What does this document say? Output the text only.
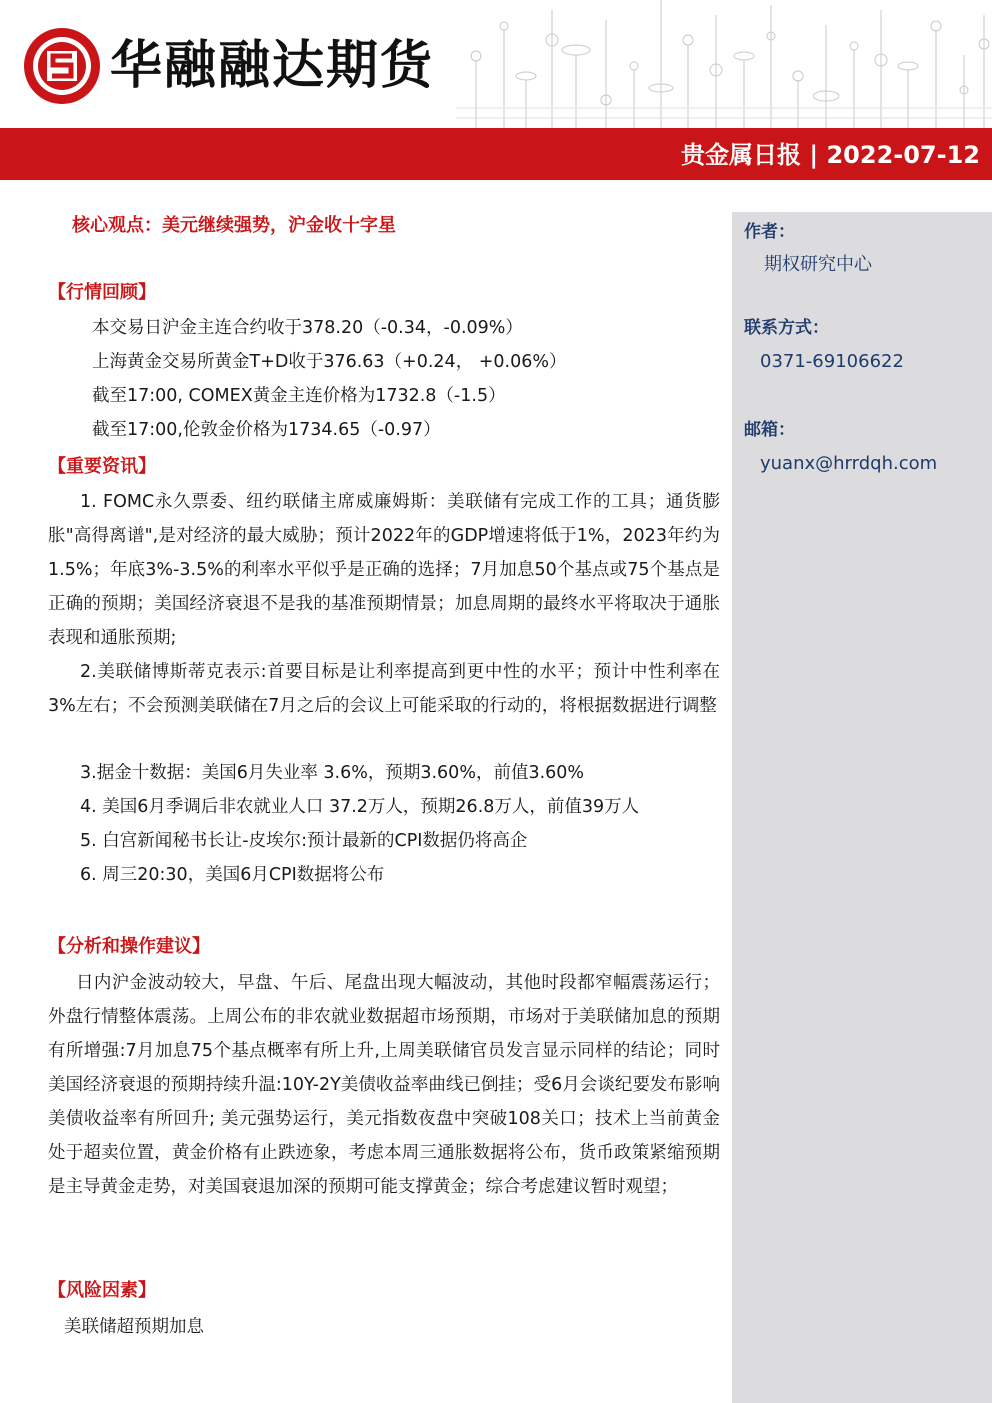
华融融达期货
贵金属日报 | 2022-07-12
作者：
期权研究中心
联系方式：
0371-69106622
邮箱：
yuanx@hrrdqh.com
核心观点：美元继续强势，沪金收十字星
【行情回顾】
本交易日沪金主连合约收于378.20（-0.34，-0.09%）
上海黄金交易所黄金T+D收于376.63（+0.24， +0.06%）
截至17:00, COMEX黄金主连价格为1732.8（-1.5）
截至17:00,伦敦金价格为1734.65（-0.97）
【重要资讯】
1. FOMC永久票委、纽约联储主席威廉姆斯：美联储有完成工作的工具；通货膨胀"高得离谱",是对经济的最大威胁；预计2022年的GDP增速将低于1%，2023年约为1.5%；年底3%-3.5%的利率水平似乎是正确的选择；7月加息50个基点或75个基点是正确的预期；美国经济衰退不是我的基准预期情景；加息周期的最终水平将取决于通胀表现和通胀预期;
2.美联储博斯蒂克表示:首要目标是让利率提高到更中性的水平；预计中性利率在3%左右；不会预测美联储在7月之后的会议上可能采取的行动的，将根据数据进行调整
3.据金十数据：美国6月失业率 3.6%，预期3.60%，前值3.60%
4. 美国6月季调后非农就业人口 37.2万人，预期26.8万人，前值39万人
5. 白宫新闻秘书长让-皮埃尔:预计最新的CPI数据仍将高企
6. 周三20:30，美国6月CPI数据将公布
【分析和操作建议】
日内沪金波动较大，早盘、午后、尾盘出现大幅波动，其他时段都窄幅震荡运行；外盘行情整体震荡。上周公布的非农就业数据超市场预期，市场对于美联储加息的预期有所增强:7月加息75个基点概率有所上升,上周美联储官员发言显示同样的结论；同时美国经济衰退的预期持续升温:10Y-2Y美债收益率曲线已倒挂；受6月会谈纪要发布影响美债收益率有所回升; 美元强势运行，美元指数夜盘中突破108关口；技术上当前黄金处于超卖位置，黄金价格有止跌迹象，考虑本周三通胀数据将公布，货币政策紧缩预期是主导黄金走势，对美国衰退加深的预期可能支撑黄金；综合考虑建议暂时观望；
【风险因素】
美联储超预期加息
